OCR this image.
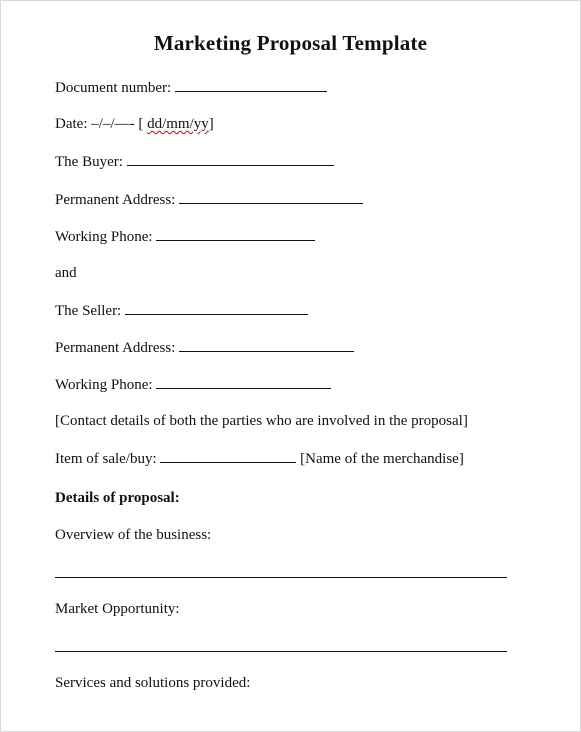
Marketing Proposal Template
Document number:
Date: –/–/—- [ dd/mm/yy]
The Buyer:
Permanent Address:
Working Phone:
and
The Seller:
Permanent Address:
Working Phone:
[Contact details of both the parties who are involved in the proposal]
Item of sale/buy:	[Name of the merchandise]
Details of proposal:
Overview of the business:
Market Opportunity:
Services and solutions provided:
